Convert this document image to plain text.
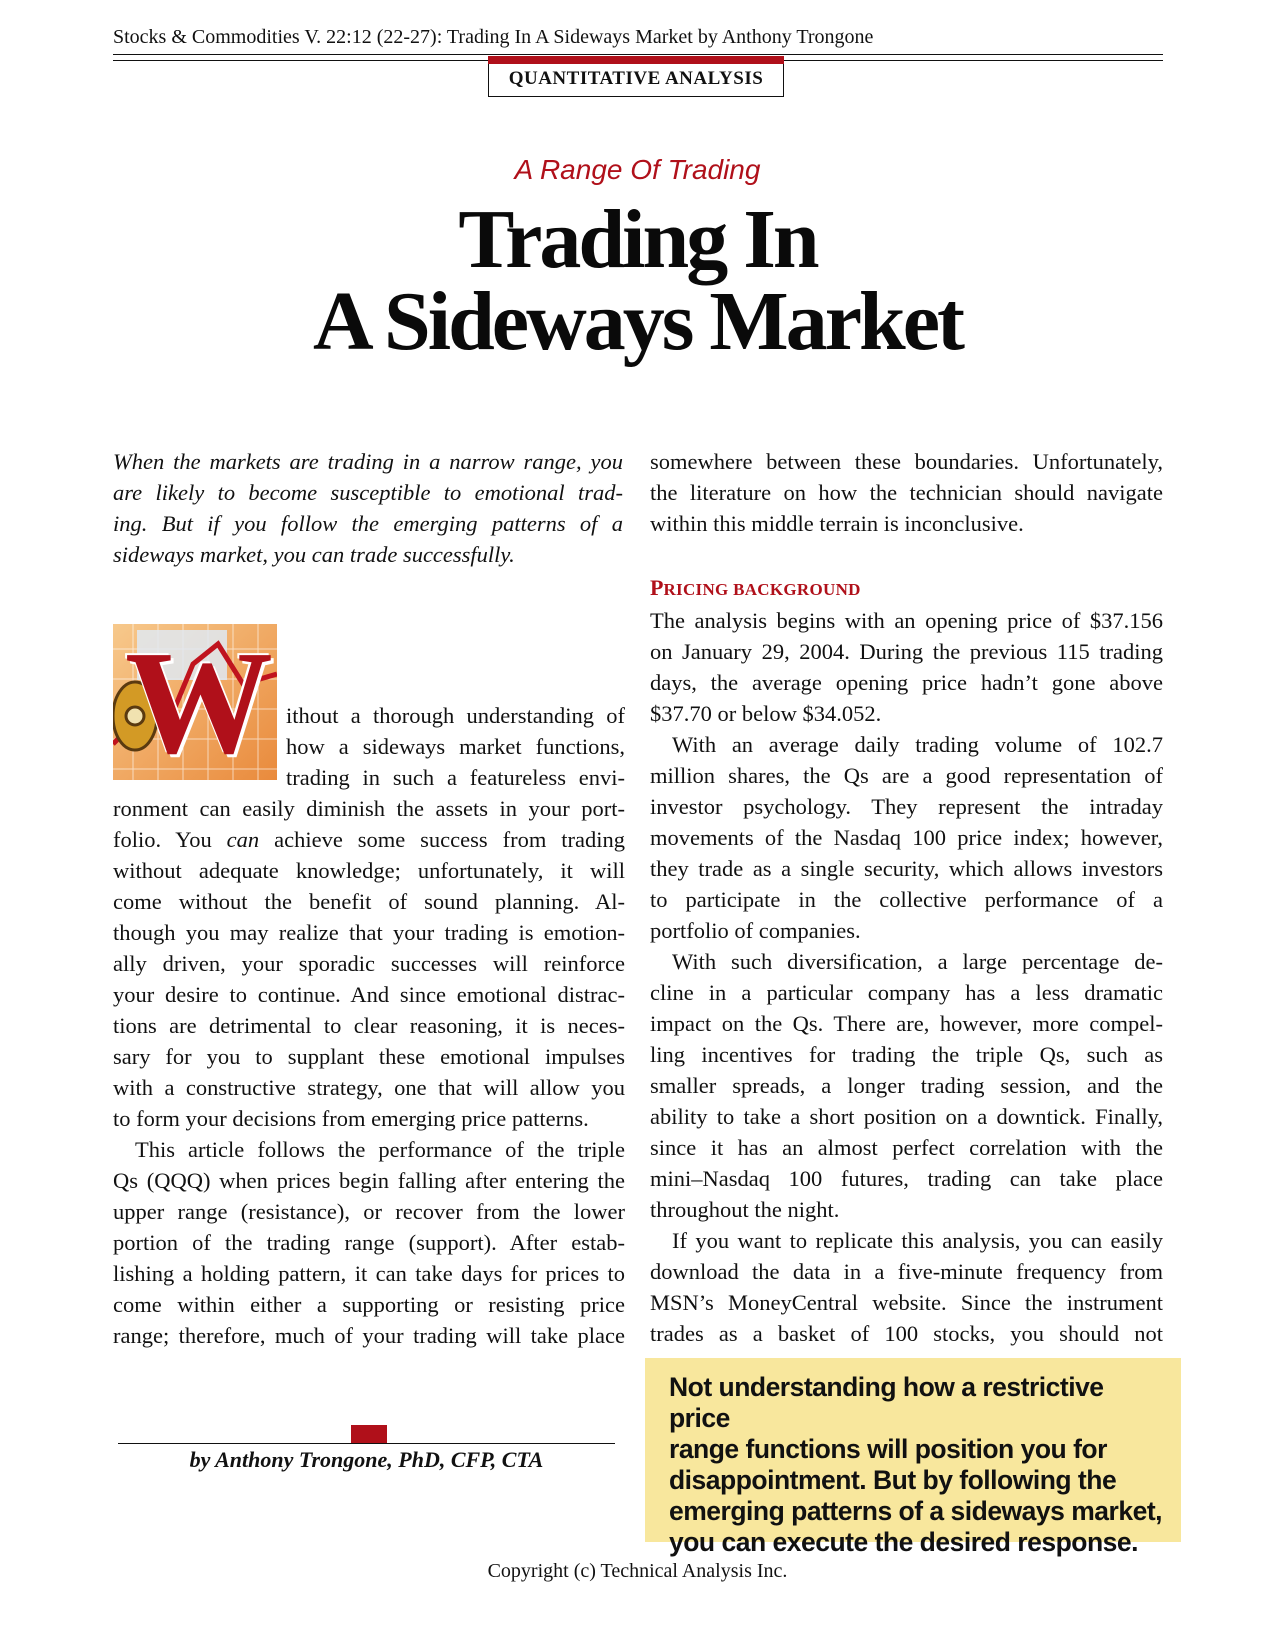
Stocks & Commodities V. 22:12 (22-27): Trading In A Sideways Market by Anthony Trongone
QUANTITATIVE ANALYSIS
A Range Of Trading
Trading In
A Sideways Market
When the markets are trading in a narrow range, you
are likely to become susceptible to emotional trad-
ing. But if you follow the emerging patterns of a
sideways market, you can trade successfully.
W ithout a thorough understanding of
how a sideways market functions,
trading in such a featureless envi-
ronment can easily diminish the assets in your port-
folio. You can achieve some success from trading
without adequate knowledge; unfortunately, it will
come without the benefit of sound planning. Al-
though you may realize that your trading is emotion-
ally driven, your sporadic successes will reinforce
your desire to continue. And since emotional distrac-
tions are detrimental to clear reasoning, it is neces-
sary for you to supplant these emotional impulses
with a constructive strategy, one that will allow you
to form your decisions from emerging price patterns.
This article follows the performance of the triple
Qs (QQQ) when prices begin falling after entering the
upper range (resistance), or recover from the lower
portion of the trading range (support). After estab-
lishing a holding pattern, it can take days for prices to
come within either a supporting or resisting price
range; therefore, much of your trading will take place
somewhere between these boundaries. Unfortunately,
the literature on how the technician should navigate
within this middle terrain is inconclusive.
PRICING BACKGROUND
The analysis begins with an opening price of $37.156
on January 29, 2004. During the previous 115 trading
days, the average opening price hadn’t gone above
$37.70 or below $34.052.
With an average daily trading volume of 102.7
million shares, the Qs are a good representation of
investor psychology. They represent the intraday
movements of the Nasdaq 100 price index; however,
they trade as a single security, which allows investors
to participate in the collective performance of a
portfolio of companies.
With such diversification, a large percentage de-
cline in a particular company has a less dramatic
impact on the Qs. There are, however, more compel-
ling incentives for trading the triple Qs, such as
smaller spreads, a longer trading session, and the
ability to take a short position on a downtick. Finally,
since it has an almost perfect correlation with the
mini–Nasdaq 100 futures, trading can take place
throughout the night.
If you want to replicate this analysis, you can easily
download the data in a five-minute frequency from
MSN’s MoneyCentral website. Since the instrument
trades as a basket of 100 stocks, you should not
Not understanding how a restrictive price
range functions will position you for
disappointment. But by following the
emerging patterns of a sideways market,
you can execute the desired response.
by Anthony Trongone, PhD, CFP, CTA
Copyright (c) Technical Analysis Inc.
